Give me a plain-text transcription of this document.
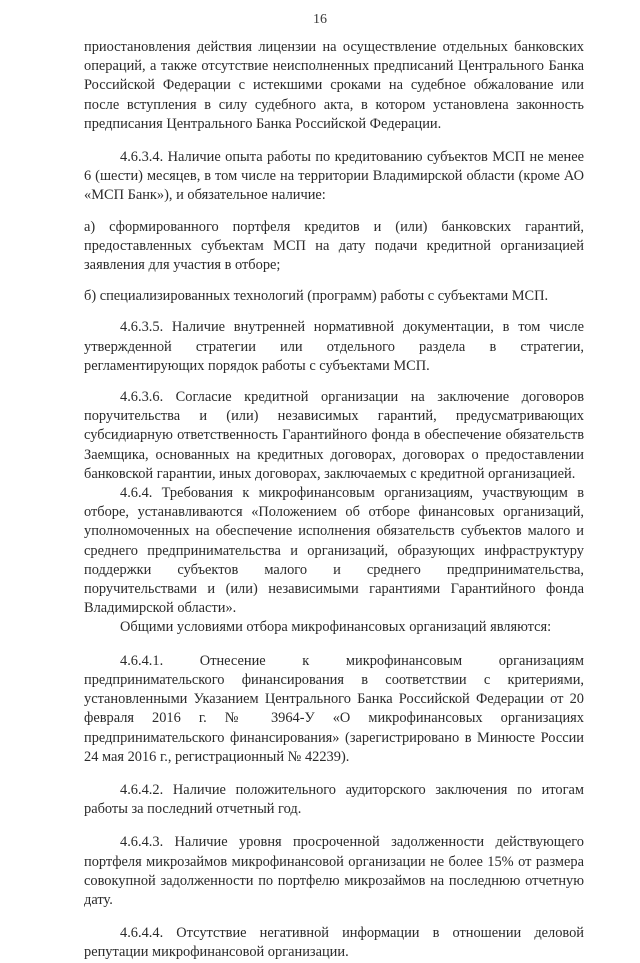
16

приостановления действия лицензии на осуществление отдельных банковских операций, а также отсутствие неисполненных предписаний Центрального Банка Российской Федерации с истекшими сроками на судебное обжалование или после вступления в силу судебного акта, в котором установлена законность предписания Центрального Банка Российской Федерации.

4.6.3.4. Наличие опыта работы по кредитованию субъектов МСП не менее 6 (шести) месяцев, в том числе на территории Владимирской области (кроме АО «МСП Банк»), и обязательное наличие:

а) сформированного портфеля кредитов и (или) банковских гарантий, предоставленных субъектам МСП на дату подачи кредитной организацией заявления для участия в отборе;

б) специализированных технологий (программ) работы с субъектами МСП.

4.6.3.5. Наличие внутренней нормативной документации, в том числе утвержденной стратегии или отдельного раздела в стратегии, регламентирующих порядок работы с субъектами МСП.

4.6.3.6. Согласие кредитной организации на заключение договоров поручительства и (или) независимых гарантий, предусматривающих субсидиарную ответственность Гарантийного фонда в обеспечение обязательств Заемщика, основанных на кредитных договорах, договорах о предоставлении банковской гарантии, иных договорах, заключаемых с кредитной организацией.

4.6.4. Требования к микрофинансовым организациям, участвующим в отборе, устанавливаются «Положением об отборе финансовых организаций, уполномоченных на обеспечение исполнения обязательств субъектов малого и среднего предпринимательства и организаций, образующих инфраструктуру поддержки субъектов малого и среднего предпринимательства, поручительствами и (или) независимыми гарантиями Гарантийного фонда Владимирской области».

Общими условиями отбора микрофинансовых организаций являются:

4.6.4.1. Отнесение к микрофинансовым организациям предпринимательского финансирования в соответствии с критериями, установленными Указанием Центрального Банка Российской Федерации от 20 февраля 2016 г. № 3964-У «О микрофинансовых организациях предпринимательского финансирования» (зарегистрировано в Минюсте России 24 мая 2016 г., регистрационный № 42239).

4.6.4.2. Наличие положительного аудиторского заключения по итогам работы за последний отчетный год.

4.6.4.3. Наличие уровня просроченной задолженности действующего портфеля микрозаймов микрофинансовой организации не более 15% от размера совокупной задолженности по портфелю микрозаймов на последнюю отчетную дату.

4.6.4.4. Отсутствие негативной информации в отношении деловой репутации микрофинансовой организации.
